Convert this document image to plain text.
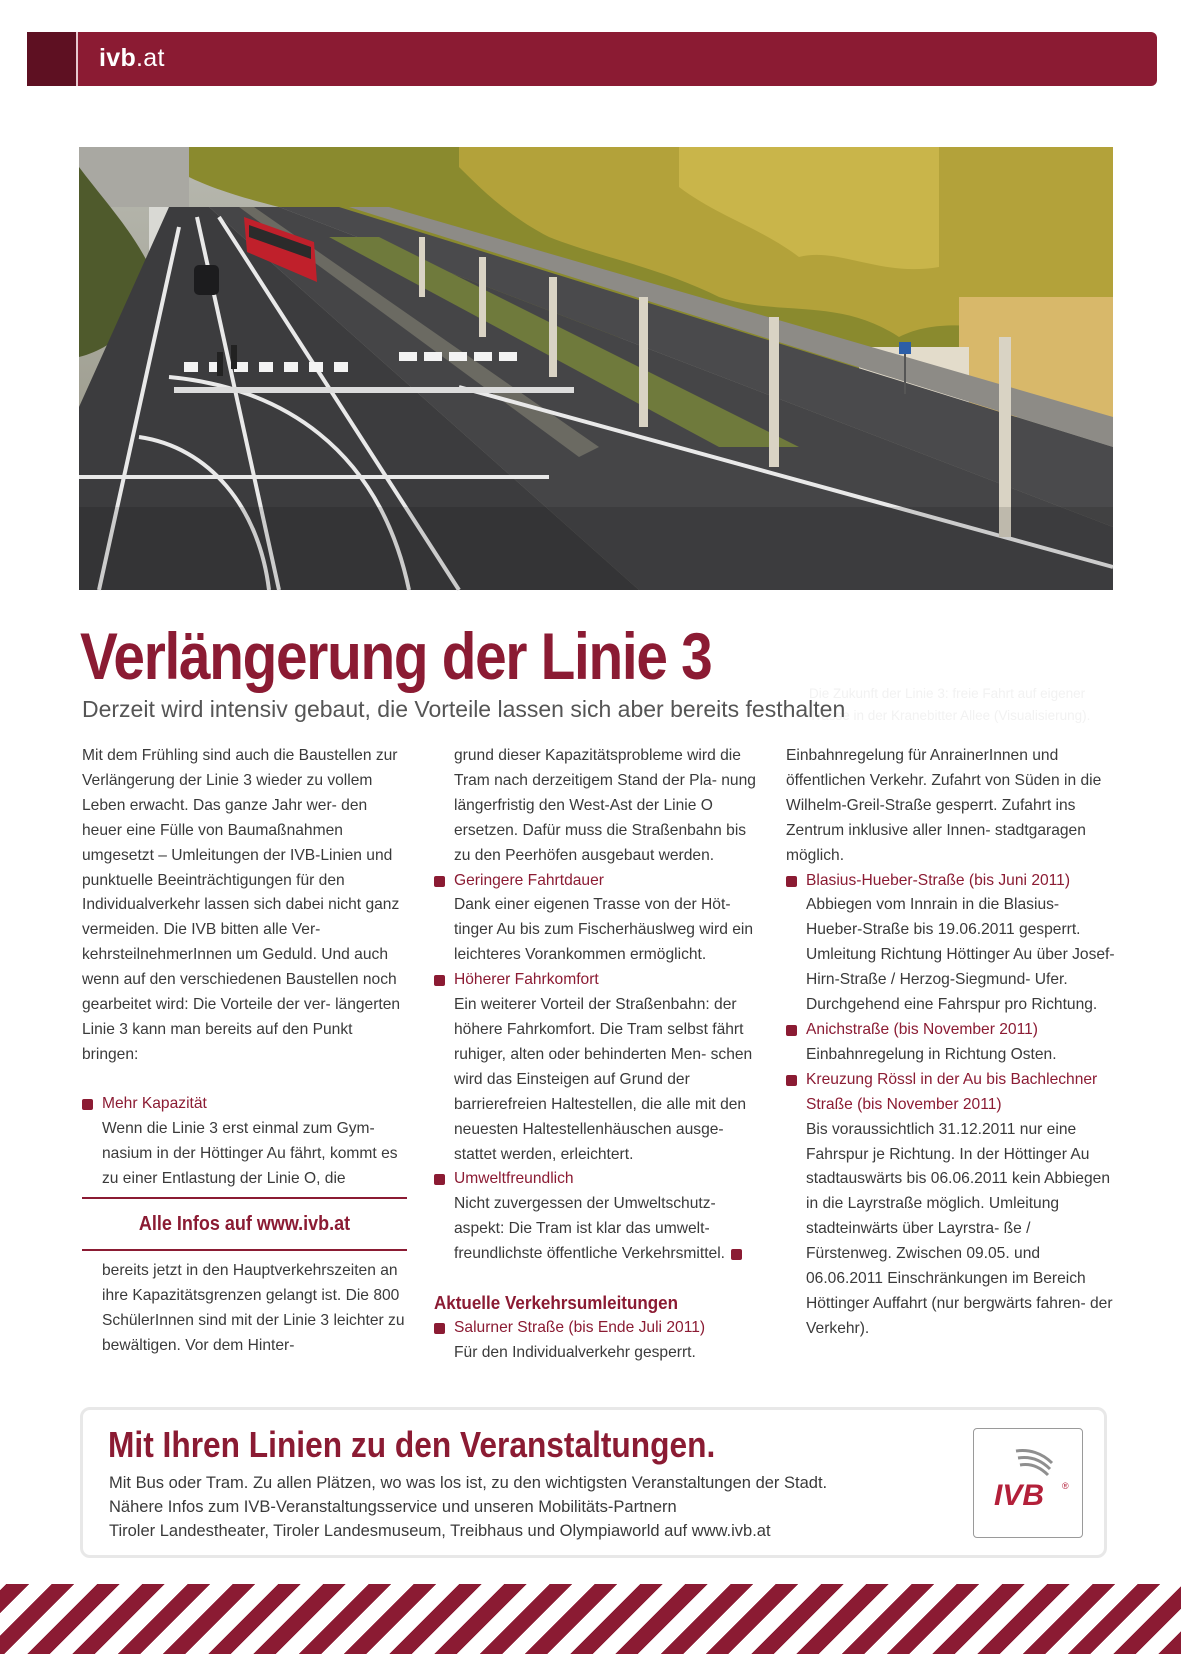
ivb.at
Die Zukunft der Linie 3: freie Fahrt auf eigener
Trasse in der Kranebitter Allee (Visualisierung).
Verlängerung der Linie 3
Derzeit wird intensiv gebaut, die Vorteile lassen sich aber bereits festhalten

Mit dem Frühling sind auch die Baustellen zur Verlängerung der Linie 3 wieder zu vollem Leben erwacht. Das ganze Jahr wer- den heuer eine Fülle von Baumaßnahmen umgesetzt – Umleitungen der IVB-Linien und punktuelle Beeinträchtigungen für den Individualverkehr lassen sich dabei nicht ganz vermeiden. Die IVB bitten alle Ver- kehrsteilnehmerInnen um Geduld. Und auch wenn auf den verschiedenen Baustellen noch gearbeitet wird: Die Vorteile der ver- längerten Linie 3 kann man bereits auf den Punkt bringen:

Mehr Kapazität

Wenn die Linie 3 erst einmal zum Gym- nasium in der Höttinger Au fährt, kommt es zu einer Entlastung der Linie O, die

Alle Infos auf www.ivb.at

bereits jetzt in den Hauptverkehrszeiten an ihre Kapazitätsgrenzen gelangt ist. Die 800 SchülerInnen sind mit der Linie 3 leichter zu bewältigen. Vor dem Hinter-

grund dieser Kapazitätsprobleme wird die Tram nach derzeitigem Stand der Pla- nung längerfristig den West-Ast der Linie O ersetzen. Dafür muss die Straßenbahn bis zu den Peerhöfen ausgebaut werden.

Geringere Fahrtdauer

Dank einer eigenen Trasse von der Höt- tinger Au bis zum Fischerhäuslweg wird ein leichteres Vorankommen ermöglicht.

Höherer Fahrkomfort

Ein weiterer Vorteil der Straßenbahn: der höhere Fahrkomfort. Die Tram selbst fährt ruhiger, alten oder behinderten Men- schen wird das Einsteigen auf Grund der barrierefreien Haltestellen, die alle mit den neuesten Haltestellenhäuschen ausge- stattet werden, erleichtert.

Umweltfreundlich

Nicht zuvergessen der Umweltschutz- aspekt: Die Tram ist klar das umwelt- freundlichste öffentliche Verkehrsmittel.

Aktuelle Verkehrsumleitungen

Salurner Straße (bis Ende Juli 2011)

Für den Individualverkehr gesperrt.

Einbahnregelung für AnrainerInnen und öffentlichen Verkehr. Zufahrt von Süden in die Wilhelm-Greil-Straße gesperrt. Zufahrt ins Zentrum inklusive aller Innen- stadtgaragen möglich.

Blasius-Hueber-Straße (bis Juni 2011)

Abbiegen vom Innrain in die Blasius- Hueber-Straße bis 19.06.2011 gesperrt. Umleitung Richtung Höttinger Au über Josef-Hirn-Straße / Herzog-Siegmund- Ufer. Durchgehend eine Fahrspur pro Richtung.

Anichstraße (bis November 2011)

Einbahnregelung in Richtung Osten.

Kreuzung Rössl in der Au bis Bachlechner Straße (bis November 2011)

Bis voraussichtlich 31.12.2011 nur eine Fahrspur je Richtung. In der Höttinger Au stadtauswärts bis 06.06.2011 kein Abbiegen in die Layrstraße möglich. Umleitung stadteinwärts über Layrstra- ße / Fürstenweg. Zwischen 09.05. und 06.06.2011 Einschränkungen im Bereich Höttinger Auffahrt (nur bergwärts fahren- der Verkehr).

Mit Ihren Linien zu den Veranstaltungen.
Mit Bus oder Tram. Zu allen Plätzen, wo was los ist, zu den wichtigsten Veranstaltungen der Stadt.
Nähere Infos zum IVB-Veranstaltungsservice und unseren Mobilitäts-Partnern
Tiroler Landestheater, Tiroler Landesmuseum, Treibhaus und Olympiaworld auf www.ivb.at
IVB ®
